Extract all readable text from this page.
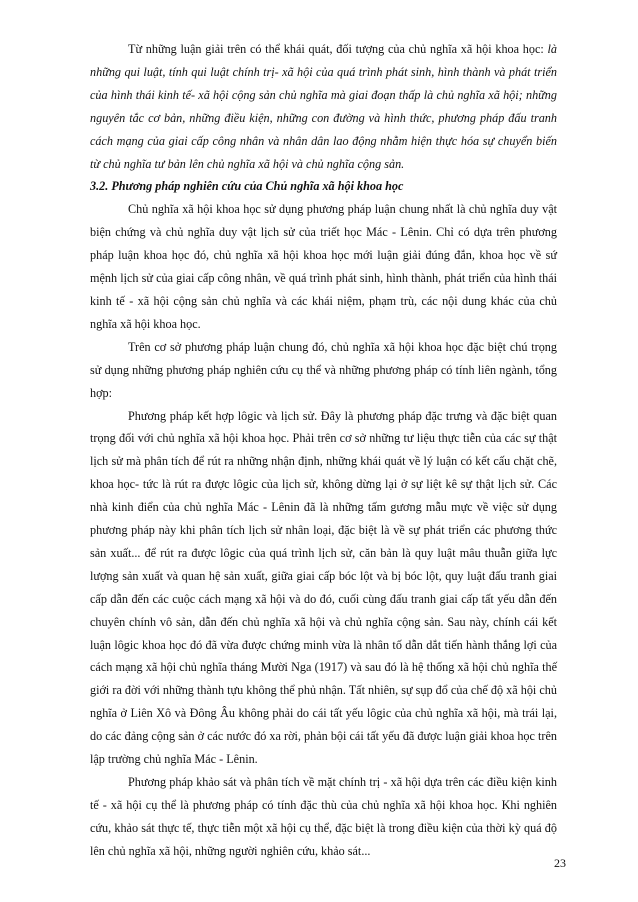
Từ những luận giải trên có thể khái quát, đối tượng của chủ nghĩa xã hội khoa học: là những qui luật, tính qui luật chính trị- xã hội của quá trình phát sinh, hình thành và phát triển của hình thái kinh tế- xã hội cộng sản chủ nghĩa mà giai đoạn thấp là chủ nghĩa xã hội; những nguyên tắc cơ bản, những điều kiện, những con đường và hình thức, phương pháp đấu tranh cách mạng của giai cấp công nhân và nhân dân lao động nhằm hiện thực hóa sự chuyển biến từ chủ nghĩa tư bản lên chủ nghĩa xã hội và chủ nghĩa cộng sản.

3.2. Phương pháp nghiên cứu của Chủ nghĩa xã hội khoa học

Chủ nghĩa xã hội khoa học sử dụng phương pháp luận chung nhất là chủ nghĩa duy vật biện chứng và chủ nghĩa duy vật lịch sử của triết học Mác - Lênin. Chỉ có dựa trên phương pháp luận khoa học đó, chủ nghĩa xã hội khoa học mới luận giải đúng đắn, khoa học về sứ mệnh lịch sử của giai cấp công nhân, về quá trình phát sinh, hình thành, phát triển của hình thái kinh tế - xã hội cộng sản chủ nghĩa và các khái niệm, phạm trù, các nội dung khác của chủ nghĩa xã hội khoa học.

Trên cơ sở phương pháp luận chung đó, chủ nghĩa xã hội khoa học đặc biệt chú trọng sử dụng những phương pháp nghiên cứu cụ thể và những phương pháp có tính liên ngành, tổng hợp:

Phương pháp kết hợp lôgic và lịch sử. Đây là phương pháp đặc trưng và đặc biệt quan trọng đối với chủ nghĩa xã hội khoa học. Phải trên cơ sở những tư liệu thực tiễn của các sự thật lịch sử mà phân tích để rút ra những nhận định, những khái quát về lý luận có kết cấu chặt chẽ, khoa học- tức là rút ra được lôgic của lịch sử, không dừng lại ở sự liệt kê sự thật lịch sử. Các nhà kinh điển của chủ nghĩa Mác - Lênin đã là những tấm gương mẫu mực về việc sử dụng phương pháp này khi phân tích lịch sử nhân loại, đặc biệt là về sự phát triển các phương thức sản xuất... để rút ra được lôgic của quá trình lịch sử, căn bản là quy luật mâu thuẫn giữa lực lượng sản xuất và quan hệ sản xuất, giữa giai cấp bóc lột và bị bóc lột, quy luật đấu tranh giai cấp dẫn đến các cuộc cách mạng xã hội và do đó, cuối cùng đấu tranh giai cấp tất yếu dẫn đến chuyên chính vô sản, dẫn đến chủ nghĩa xã hội và chủ nghĩa cộng sản. Sau này, chính cái kết luận lôgic khoa học đó đã vừa được chứng minh vừa là nhân tố dẫn dắt tiến hành thắng lợi của cách mạng xã hội chủ nghĩa tháng Mười Nga (1917) và sau đó là hệ thống xã hội chủ nghĩa thế giới ra đời với những thành tựu không thể phủ nhận. Tất nhiên, sự sụp đổ của chế độ xã hội chủ nghĩa ở Liên Xô và Đông Âu không phải do cái tất yếu lôgic của chủ nghĩa xã hội, mà trái lại, do các đảng cộng sản ở các nước đó xa rời, phản bội cái tất yếu đã được luận giải khoa học trên lập trường chủ nghĩa Mác - Lênin.

Phương pháp khảo sát và phân tích về mặt chính trị - xã hội dựa trên các điều kiện kinh tế - xã hội cụ thể là phương pháp có tính đặc thù của chủ nghĩa xã hội khoa học. Khi nghiên cứu, khảo sát thực tế, thực tiễn một xã hội cụ thể, đặc biệt là trong điều kiện của thời kỳ quá độ lên chủ nghĩa xã hội, những người nghiên cứu, khảo sát...

23
